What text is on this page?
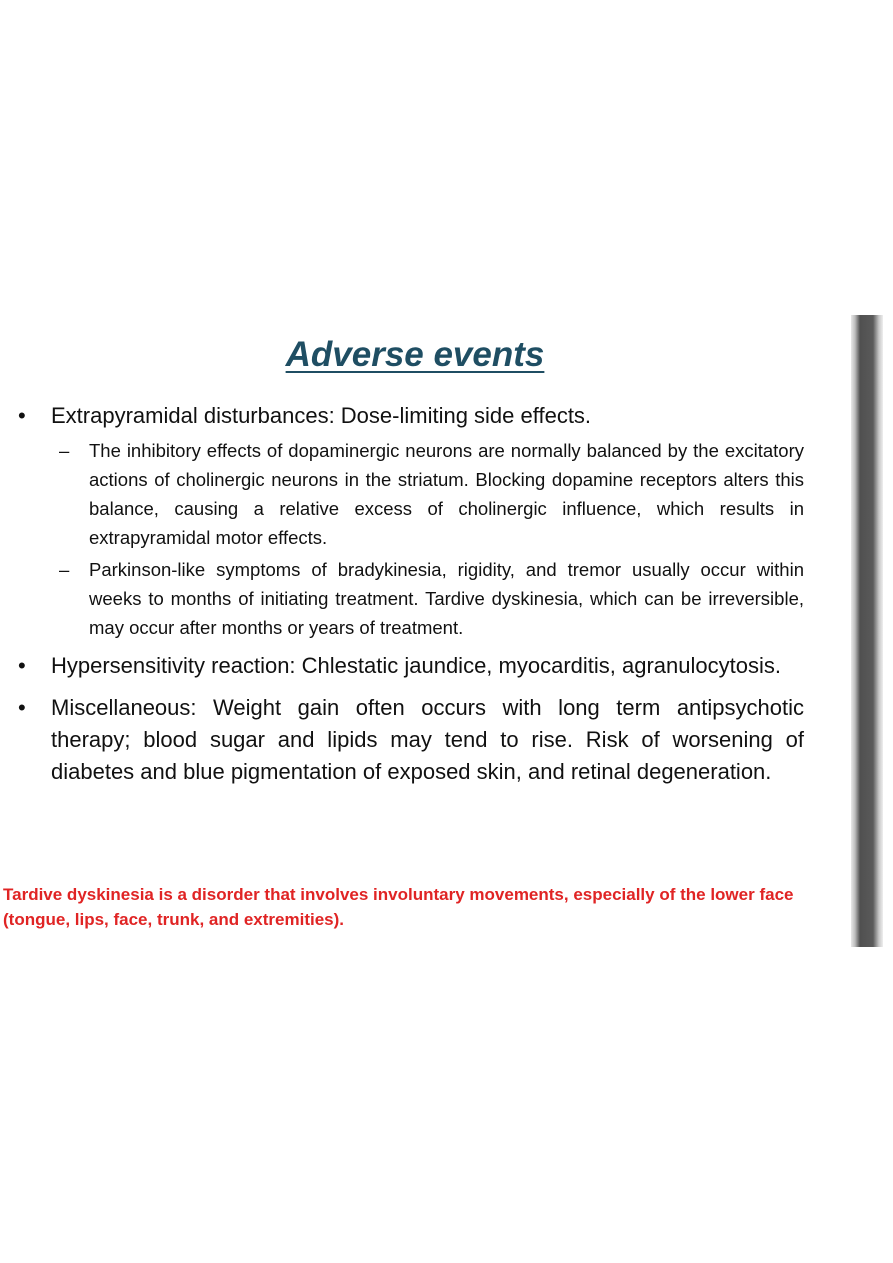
Adverse events
• Extrapyramidal disturbances: Dose-limiting side effects.
– The inhibitory effects of dopaminergic neurons are normally balanced by the excitatory actions of cholinergic neurons in the striatum. Blocking dopamine receptors alters this balance, causing a relative excess of cholinergic influence, which results in extrapyramidal motor effects.
– Parkinson-like symptoms of bradykinesia, rigidity, and tremor usually occur within weeks to months of initiating treatment. Tardive dyskinesia, which can be irreversible, may occur after months or years of treatment.
• Hypersensitivity reaction: Chlestatic jaundice, myocarditis, agranulocytosis.
• Miscellaneous: Weight gain often occurs with long term antipsychotic therapy; blood sugar and lipids may tend to rise. Risk of worsening of diabetes and blue pigmentation of exposed skin, and retinal degeneration.

Tardive dyskinesia is a disorder that involves involuntary movements, especially of the lower face (tongue, lips, face, trunk, and extremities).
